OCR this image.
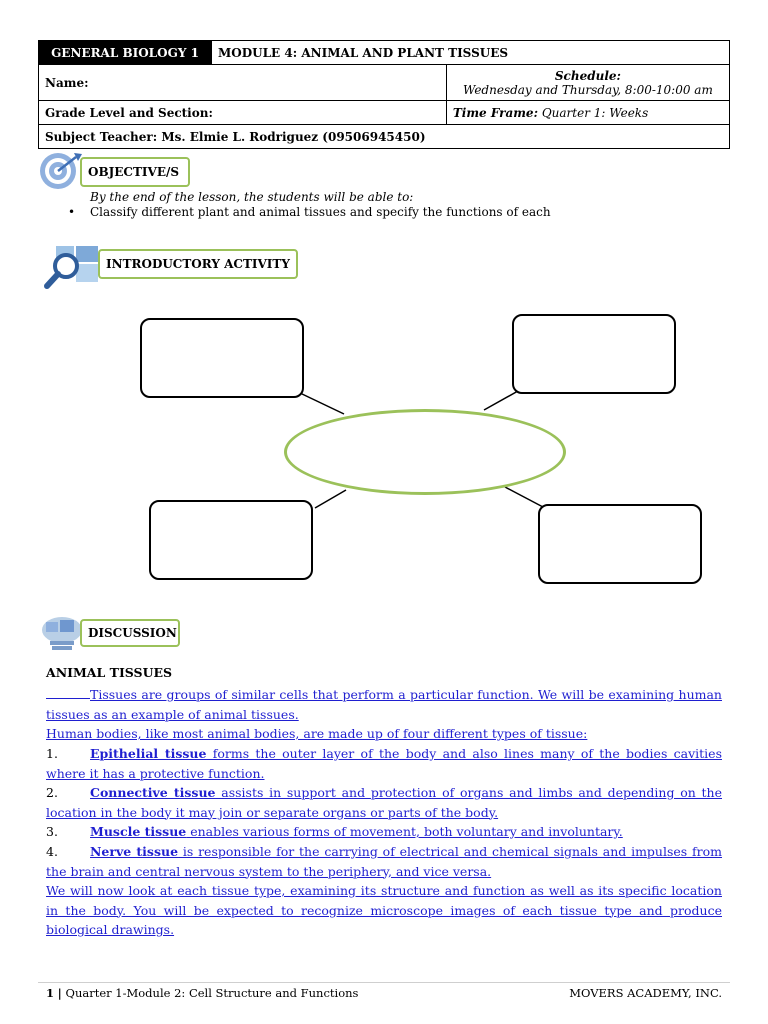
GENERAL BIOLOGY 1	MODULE 4: ANIMAL AND PLANT TISSUES	
Name:		Schedule:
Wednesday and Thursday, 8:00-10:00 am

Grade Level and Section:		Time Frame: Quarter 1: Weeks
Subject Teacher: Ms. Elmie L. Rodriguez (09506945450)		
OBJECTIVE/S
By the end of the lesson, the students will be able to:
•	Classify different plant and animal tissues and specify the functions of each
INTRODUCTORY ACTIVITY
DISCUSSION
ANIMAL TISSUES
Tissues are groups of similar cells that perform a particular function. We will be examining human tissues as an example of animal tissues.
Human bodies, like most animal bodies, are made up of four different types of tissue:
1.	Epithelial tissue forms the outer layer of the body and also lines many of the bodies cavities where it has a protective function.
2.	Connective tissue assists in support and protection of organs and limbs and depending on the location in the body it may join or separate organs or parts of the body.
3.	Muscle tissue enables various forms of movement, both voluntary and involuntary.
4.	Nerve tissue is responsible for the carrying of electrical and chemical signals and impulses from the brain and central nervous system to the periphery, and vice versa.
We will now look at each tissue type, examining its structure and function as well as its specific location in the body. You will be expected to recognize microscope images of each tissue type and produce biological drawings.
1 | Quarter 1-Module 2: Cell Structure and Functions	MOVERS ACADEMY, INC.
